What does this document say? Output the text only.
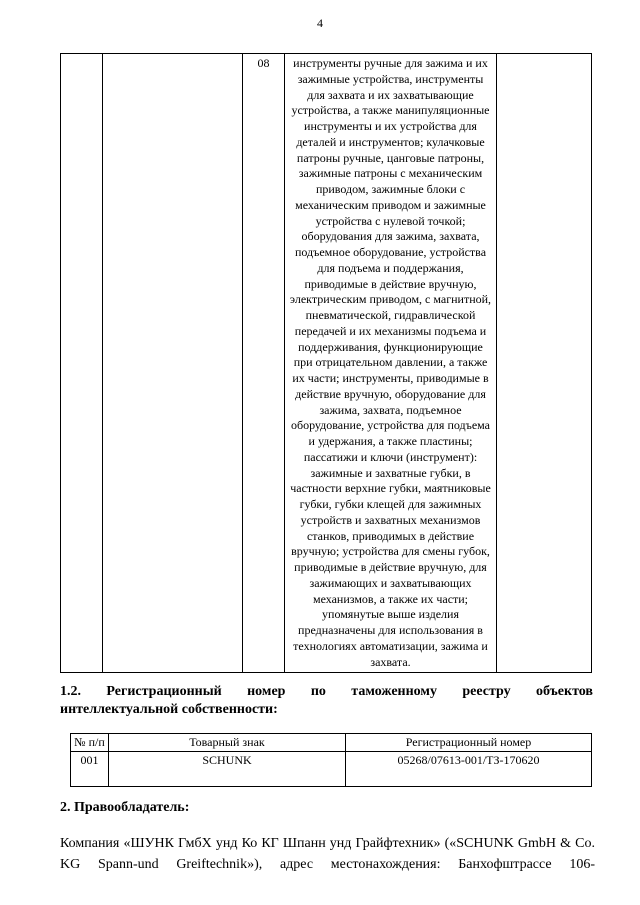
4
		08	инструменты ручные для зажима и их зажимные устройства, инструменты для захвата и их захватывающие устройства, а также манипуляционные инструменты и их устройства для деталей и инструментов; кулачковые патроны ручные, цанговые патроны, зажимные патроны с механическим приводом, зажимные блоки с механическим приводом и зажимные устройства с нулевой точкой; оборудования для зажима, захвата, подъемное оборудование, устройства для подъема и поддержания, приводимые в действие вручную, электрическим приводом, с магнитной, пневматической, гидравлической передачей и их механизмы подъема и поддерживания, функционирующие при отрицательном давлении, а также их части; инструменты, приводимые в действие вручную, оборудование для зажима, захвата, подъемное оборудование, устройства для подъема и удержания, а также пластины; пассатижи и ключи (инструмент): зажимные и захватные губки, в частности верхние губки, маятниковые губки, губки клещей для зажимных устройств и захватных механизмов станков, приводимых в действие вручную; устройства для смены губок, приводимые в действие вручную, для зажимающих и захватывающих механизмов, а также их части; упомянутые выше изделия предназначены для использования в технологиях автоматизации, зажима и захвата.	
1.2. Регистрационный номер по таможенному реестру объектов
интеллектуальной собственности:
№ п/п	Товарный знак	Регистрационный номер
001	SCHUNK	05268/07613-001/ТЗ-170620
2. Правообладатель:
Компания «ШУНК ГмбХ унд Ко КГ Шпанн унд Грайфтехник» («SCHUNK GmbH & Co. KG Spann-und Greiftechnik»), адрес местонахождения: Банхофштрассе 106-
